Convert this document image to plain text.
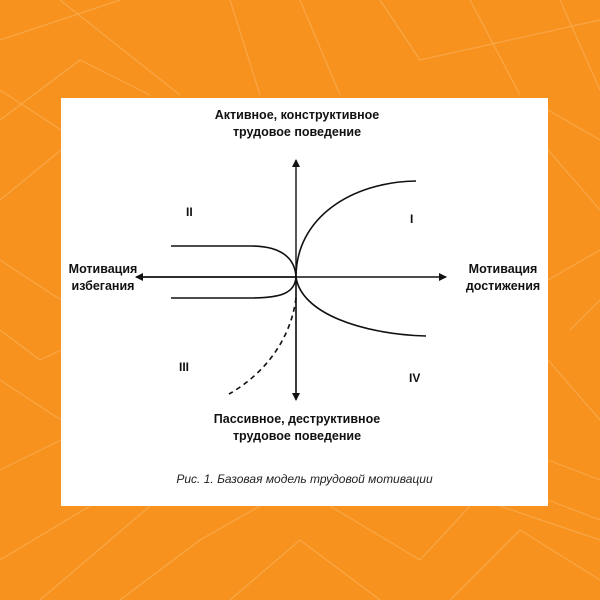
Активное, конструктивное
трудовое поведение
Пассивное, деструктивное
трудовое поведение
Мотивация
избегания
Мотивация
достижения
I
II
III
IV
Рис. 1. Базовая модель трудовой мотивации
